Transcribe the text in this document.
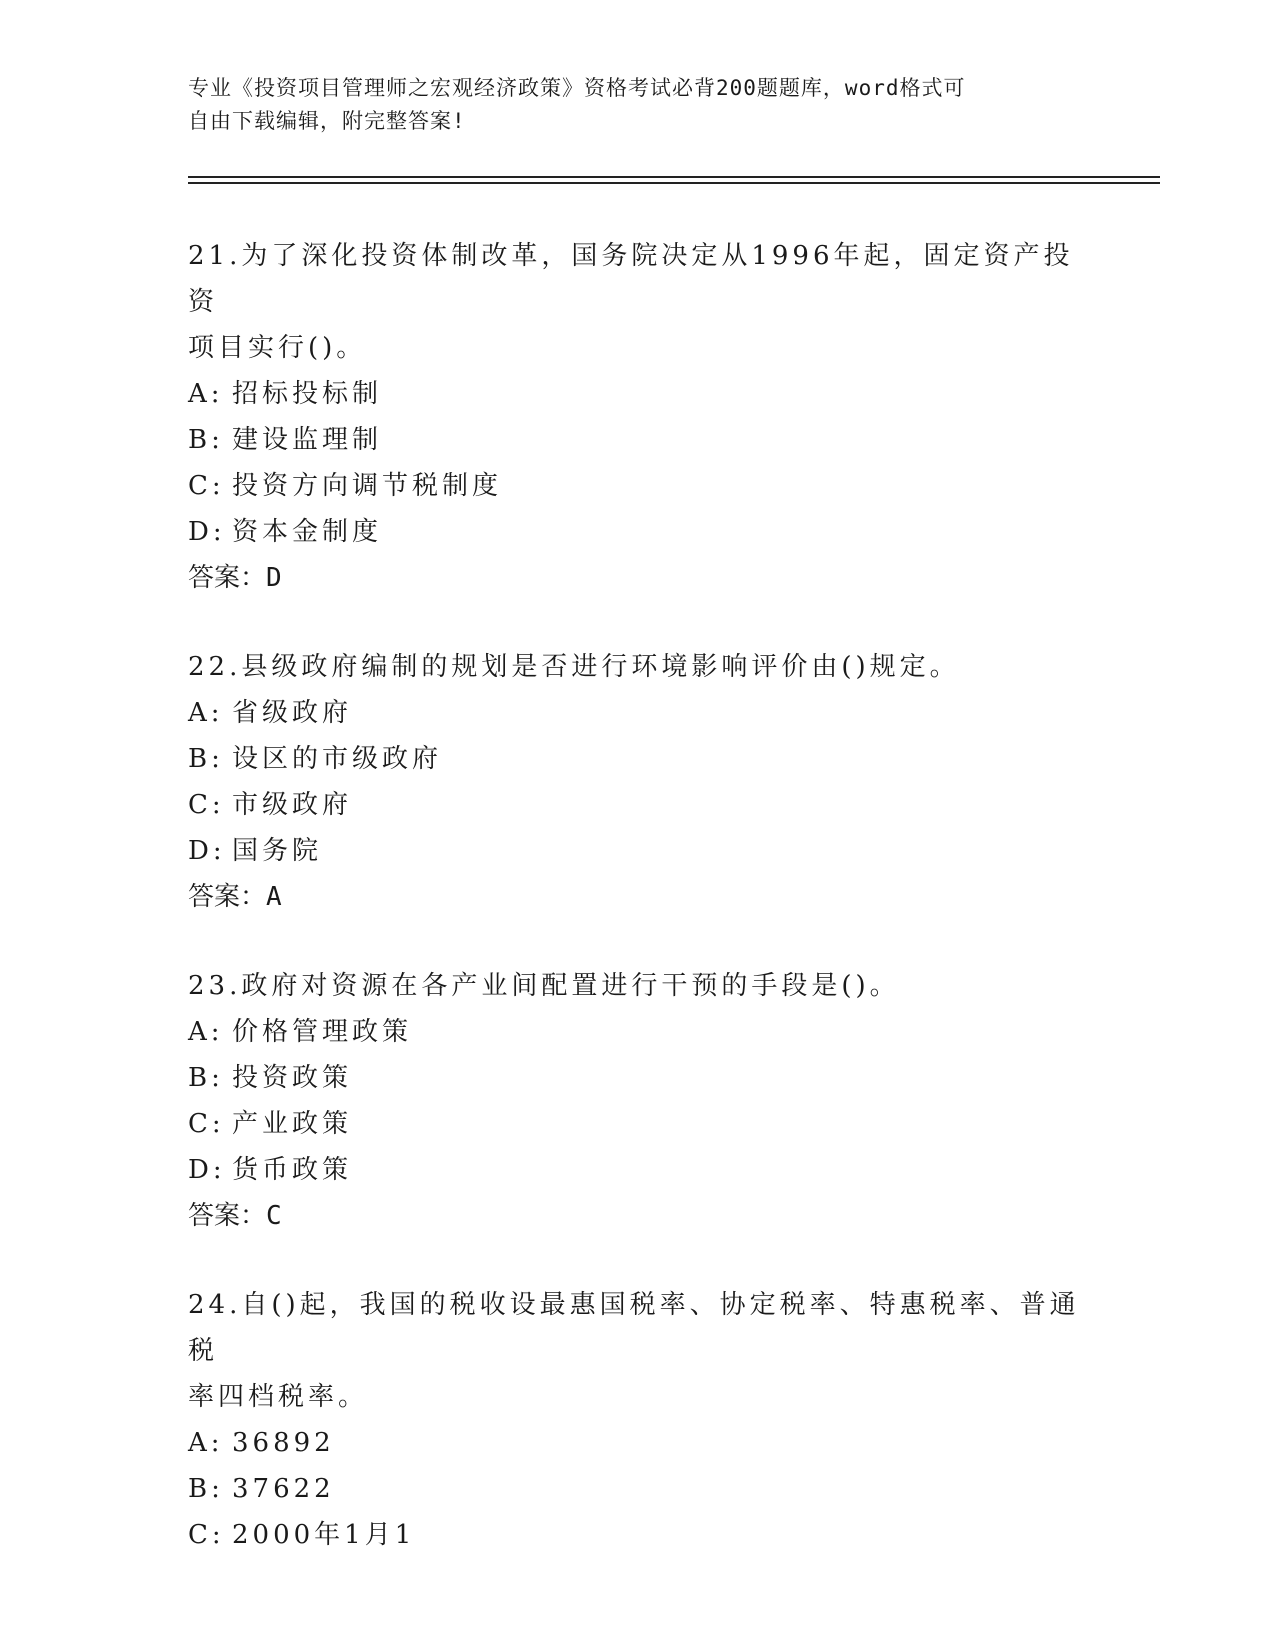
专业《投资项目管理师之宏观经济政策》资格考试必背200题题库，word格式可
自由下载编辑，附完整答案!

21.为了深化投资体制改革，国务院决定从1996年起，固定资产投资

项目实行()。

A: 招标投标制

B: 建设监理制

C: 投资方向调节税制度

D: 资本金制度

答案：D

22.县级政府编制的规划是否进行环境影响评价由()规定。

A: 省级政府

B: 设区的市级政府

C: 市级政府

D: 国务院

答案：A

23.政府对资源在各产业间配置进行干预的手段是()。

A: 价格管理政策

B: 投资政策

C: 产业政策

D: 货币政策

答案：C

24.自()起，我国的税收设最惠国税率、协定税率、特惠税率、普通税

率四档税率。

A: 36892

B: 37622

C: 2000年1月1
